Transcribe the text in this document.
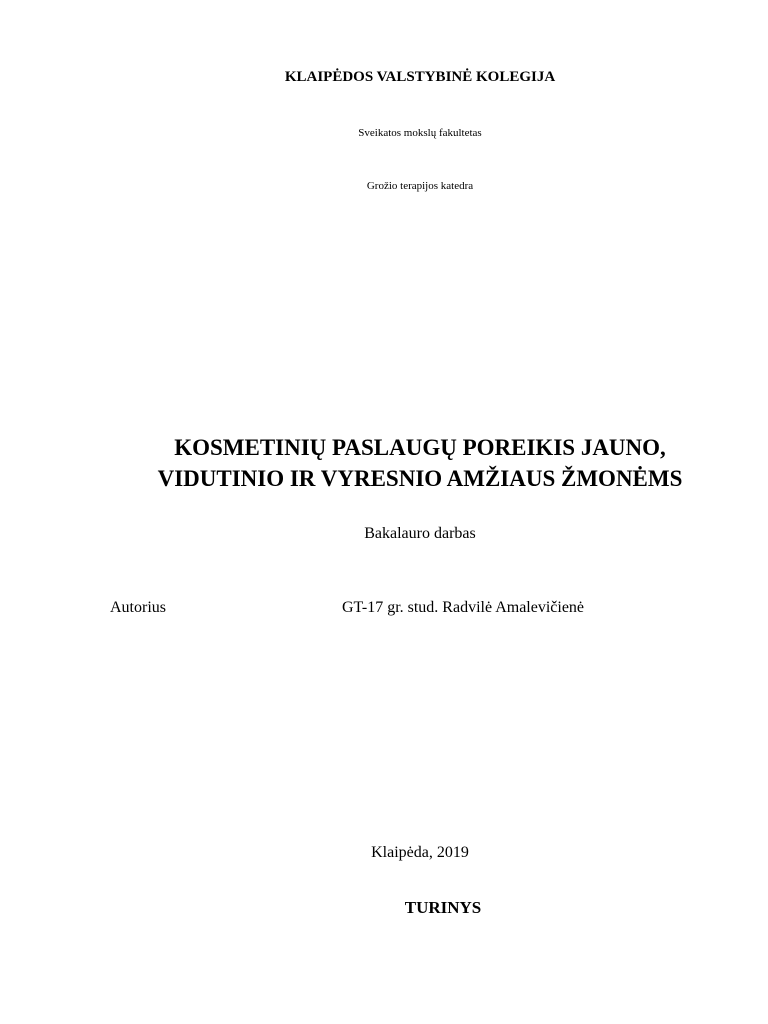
KLAIPĖDOS VALSTYBINĖ KOLEGIJA
Sveikatos mokslų fakultetas
Grožio terapijos katedra
KOSMETINIŲ PASLAUGŲ POREIKIS JAUNO,
VIDUTINIO IR VYRESNIO AMŽIAUS ŽMONĖMS
Bakalauro darbas
Autorius	GT-17 gr. stud. Radvilė Amalevičienė
Klaipėda, 2019
TURINYS
